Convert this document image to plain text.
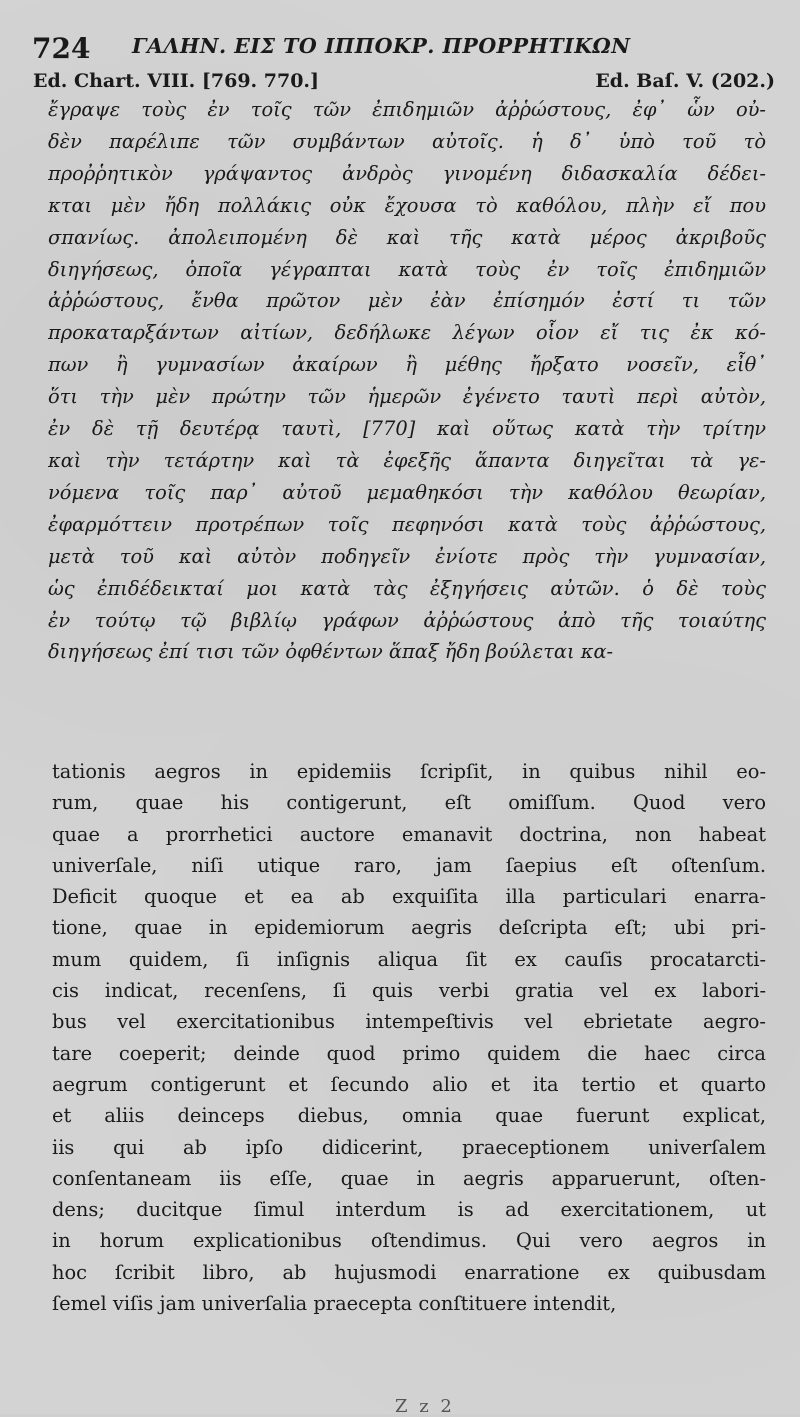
724 ΓΑΛΗΝ. ΕΙΣ ΤΟ ΙΠΠΟΚΡ. ΠΡΟΡΡΗΤΙΚΩΝ
Ed. Chart. VIII. [769. 770.]	Ed. Baſ. V. (202.)
ἔγραψε τοὺς ἐν τοῖς τῶν ἐπιδημιῶν ἀῤῥώστους, ἐφ᾽ ὧν οὐ-
δὲν παρέλιπε τῶν συμβάντων αὐτοῖς. ἡ δ᾽ ὑπὸ τοῦ τὸ
προῤῥητικὸν γράψαντος ἀνδρὸς γινομένη διδασκαλία δέδει-
κται μὲν ἤδη πολλάκις οὐκ ἔχουσα τὸ καθόλου, πλὴν εἴ που
σπανίως. ἀπολειπομένη δὲ καὶ τῆς κατὰ μέρος ἀκριβοῦς
διηγήσεως, ὁποῖα γέγραπται κατὰ τοὺς ἐν τοῖς ἐπιδημιῶν
ἀῤῥώστους, ἔνθα πρῶτον μὲν ἐὰν ἐπίσημόν ἐστί τι τῶν
προκαταρξάντων αἰτίων, δεδήλωκε λέγων οἷον εἴ τις ἐκ κό-
πων ἢ γυμνασίων ἀκαίρων ἢ μέθης ἤρξατο νοσεῖν, εἶθ᾽
ὅτι τὴν μὲν πρώτην τῶν ἡμερῶν ἐγένετο ταυτὶ περὶ αὐτὸν,
ἐν δὲ τῇ δευτέρᾳ ταυτὶ, [770] καὶ οὕτως κατὰ τὴν τρίτην
καὶ τὴν τετάρτην καὶ τὰ ἐφεξῆς ἅπαντα διηγεῖται τὰ γε-
νόμενα τοῖς παρ᾽ αὐτοῦ μεμαθηκόσι τὴν καθόλου θεωρίαν,
ἐφαρμόττειν προτρέπων τοῖς πεφηνόσι κατὰ τοὺς ἀῤῥώστους,
μετὰ τοῦ καὶ αὐτὸν ποδηγεῖν ἐνίοτε πρὸς τὴν γυμνασίαν,
ὡς ἐπιδέδεικταί μοι κατὰ τὰς ἐξηγήσεις αὐτῶν. ὁ δὲ τοὺς
ἐν τούτῳ τῷ βιβλίῳ γράφων ἀῤῥώστους ἀπὸ τῆς τοιαύτης
διηγήσεως ἐπί τισι τῶν ὀφθέντων ἅπαξ ἤδη βούλεται κα-
tationis aegros in epidemiis ſcripſit, in quibus nihil eo-
rum, quae his contigerunt, eſt omiſſum. Quod vero
quae a prorrhetici auctore emanavit doctrina, non habeat
univerſale, niſi utique raro, jam ſaepius eſt oſtenſum.
Deficit quoque et ea ab exquiſita illa particulari enarra-
tione, quae in epidemiorum aegris deſcripta eſt; ubi pri-
mum quidem, ſi inſignis aliqua ſit ex cauſis procatarcti-
cis indicat, recenſens, ſi quis verbi gratia vel ex labori-
bus vel exercitationibus intempeſtivis vel ebrietate aegro-
tare coeperit; deinde quod primo quidem die haec circa
aegrum contigerunt et ſecundo alio et ita tertio et quarto
et aliis deinceps diebus, omnia quae fuerunt explicat,
iis qui ab ipſo didicerint, praeceptionem univerſalem
conſentaneam iis eſſe, quae in aegris apparuerunt, oſten-
dens; ducitque ſimul interdum is ad exercitationem, ut
in horum explicationibus oſtendimus. Qui vero aegros in
hoc ſcribit libro, ab hujusmodi enarratione ex quibusdam
ſemel viſis jam univerſalia praecepta conſtituere intendit,
Z z 2
